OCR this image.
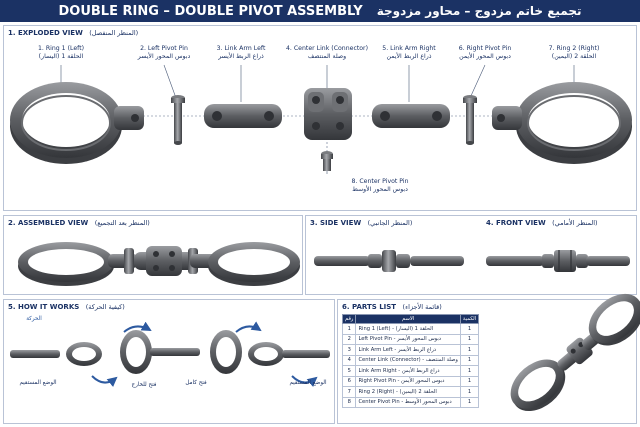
DOUBLE RING – DOUBLE PIVOT ASSEMBLY تجميع خاتم مزدوج – محاور مزدوجة
1. EXPLODED VIEW (المنظر المنفصل)
1. Ring 1 (Left)
الحلقة 1 (اليسار)
2. Left Pivot Pin
دبوس المحور الأيسر
3. Link Arm Left
ذراع الربط الأيسر
4. Center Link (Connector)
وصلة المنتصف
5. Link Arm Right
ذراع الربط الأيمن
6. Right Pivot Pin
دبوس المحور الأيمن
7. Ring 2 (Right)
الحلقة 2 (اليمين)
8. Center Pivot Pin
دبوس المحور الأوسط
2. ASSEMBLED VIEW (المنظر بعد التجميع)	3. SIDE VIEW (المنظر الجانبي)	4. FRONT VIEW (المنظر الأمامي)
5. HOW IT WORKS (كيفية الحركة)
الحركة
الوضع المستقيم	فتح للخارج	فتح كامل	الوضع المستقيم
6. PARTS LIST (قائمة الأجزاء)
رقم	الاسم	الكمية
1	Ring 1 (Left) - الحلقة 1 (اليسار)	1
2	Left Pivot Pin - دبوس المحور الأيسر	1
3	Link Arm Left - ذراع الربط الأيسر	1
4	Center Link (Connector) - وصلة المنتصف	1
5	Link Arm Right - ذراع الربط الأيمن	1
6	Right Pivot Pin - دبوس المحور الأيمن	1
7	Ring 2 (Right) - الحلقة 2 (اليمين)	1
8	Center Pivot Pin - دبوس المحور الأوسط	1
